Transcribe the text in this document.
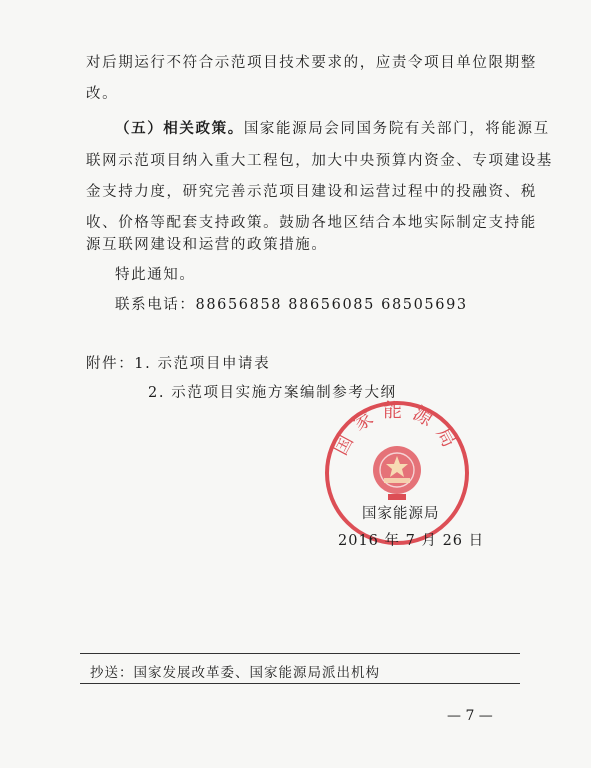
对后期运行不符合示范项目技术要求的，应责令项目单位限期整
改。
（五）相关政策。国家能源局会同国务院有关部门，将能源互
联网示范项目纳入重大工程包，加大中央预算内资金、专项建设基
金支持力度，研究完善示范项目建设和运营过程中的投融资、税
收、价格等配套支持政策。鼓励各地区结合本地实际制定支持能
源互联网建设和运营的政策措施。
特此通知。
联系电话：88656858 88656085 68505693
附件：1. 示范项目申请表
2. 示范项目实施方案编制参考大纲
国家能源局
国家能源局
2016 年 7 月 26 日
抄送：国家发展改革委、国家能源局派出机构
— 7 —
